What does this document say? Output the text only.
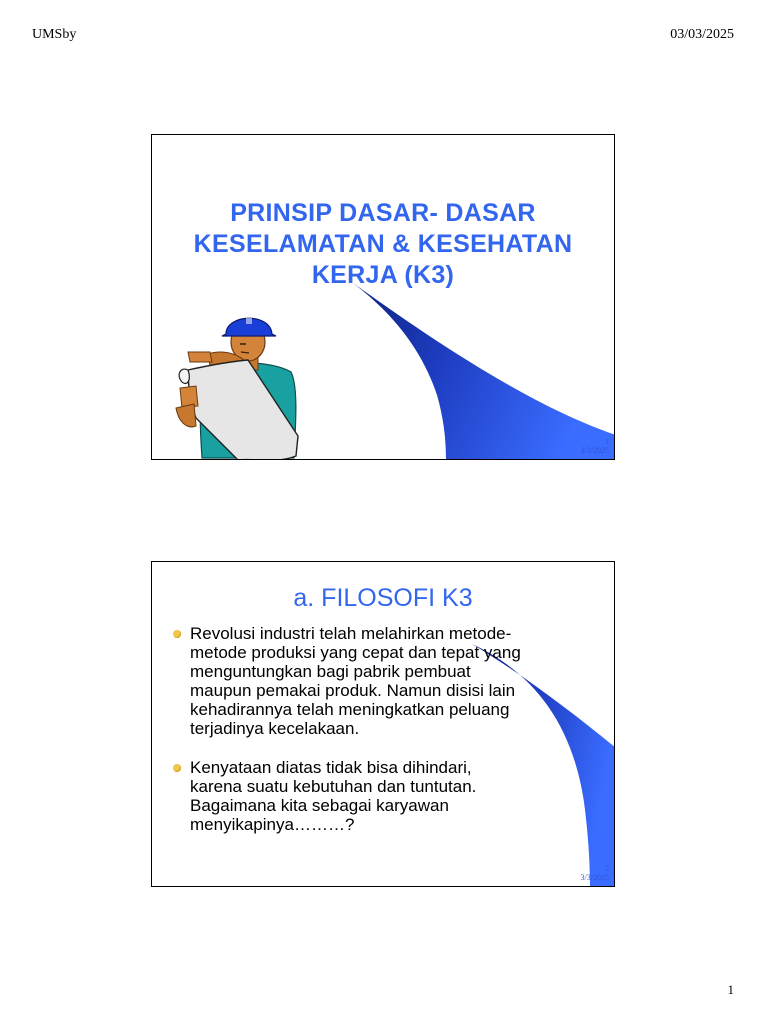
UMSby	03/03/2025
PRINSIP DASAR- DASAR
KESELAMATAN & KESEHATAN
KERJA (K3)
1
3/3/2025
a. FILOSOFI K3
Revolusi industri telah melahirkan metode-
metode produksi yang cepat dan tepat yang
menguntungkan bagi pabrik pembuat
maupun pemakai produk. Namun disisi lain
kehadirannya telah meningkatkan peluang
terjadinya kecelakaan.
Kenyataan diatas tidak bisa dihindari,
karena suatu kebutuhan dan tuntutan.
Bagaimana kita sebagai karyawan
menyikapinya………?
2
3/3/2025
1
